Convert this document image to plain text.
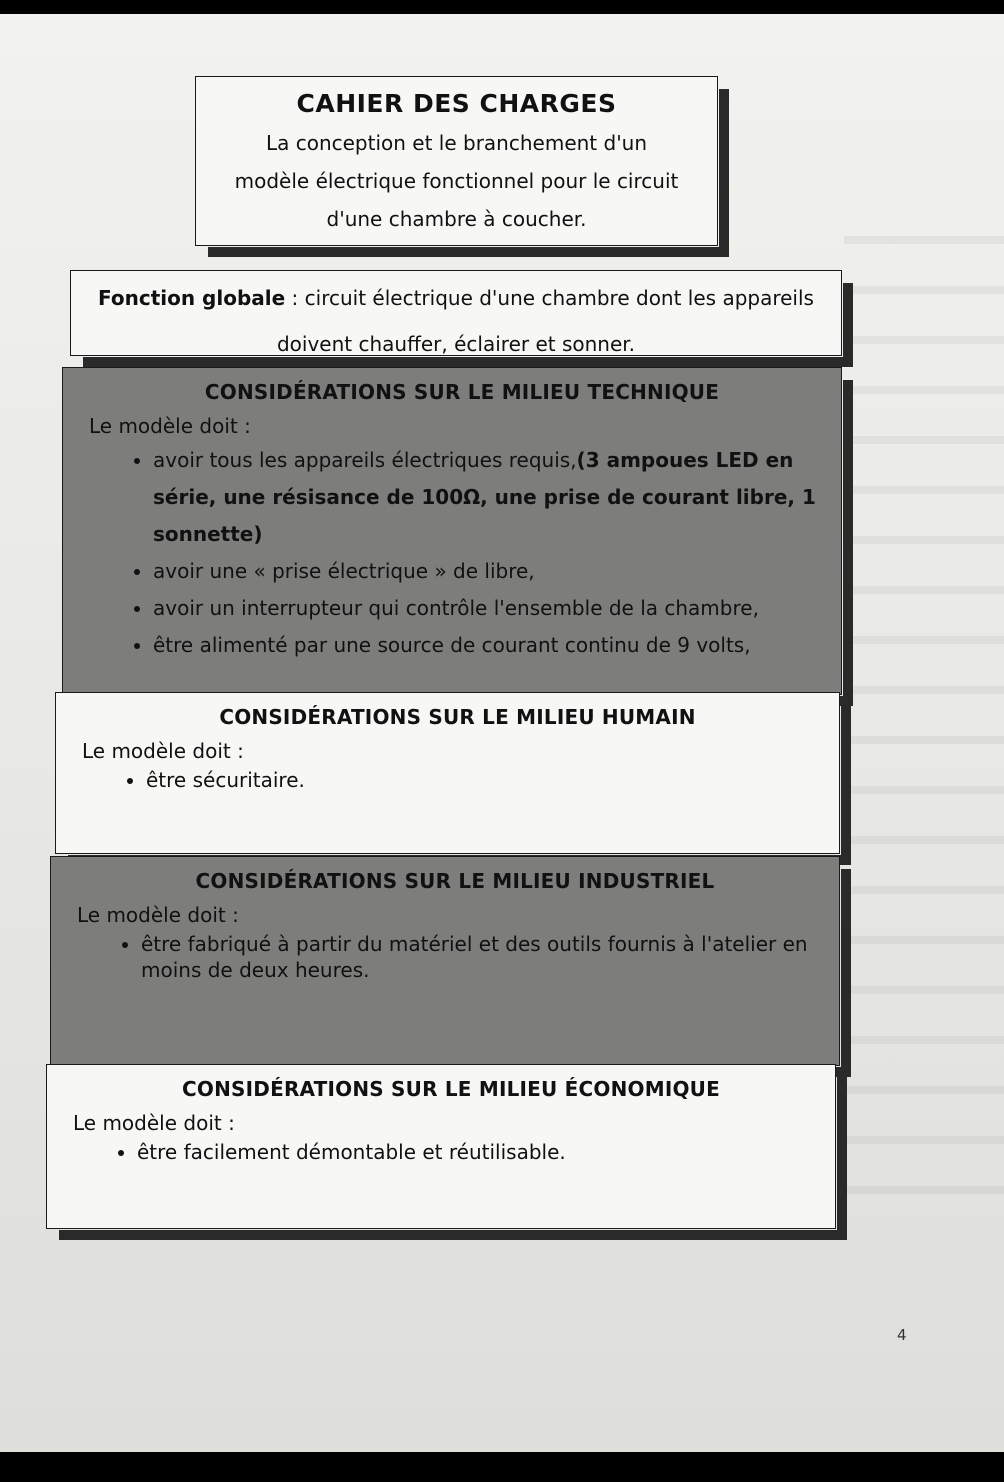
CAHIER DES CHARGES

La conception et le branchement d'un

modèle électrique fonctionnel pour le circuit

d'une chambre à coucher.

Fonction globale : circuit électrique d'une chambre dont les appareils

doivent chauffer, éclairer et sonner.

CONSIDÉRATIONS SUR LE MILIEU TECHNIQUE
Le modèle doit :
• avoir tous les appareils électriques requis,(3 ampoues LED en série, une résisance de 100Ω, une prise de courant libre, 1 sonnette)
• avoir une « prise électrique » de libre,
• avoir un interrupteur qui contrôle l'ensemble de la chambre,
• être alimenté par une source de courant continu de 9 volts,
CONSIDÉRATIONS SUR LE MILIEU HUMAIN
Le modèle doit :
• être sécuritaire.
CONSIDÉRATIONS SUR LE MILIEU INDUSTRIEL
Le modèle doit :
• être fabriqué à partir du matériel et des outils fournis à l'atelier en moins de deux heures.
CONSIDÉRATIONS SUR LE MILIEU ÉCONOMIQUE
Le modèle doit :
• être facilement démontable et réutilisable.
4
